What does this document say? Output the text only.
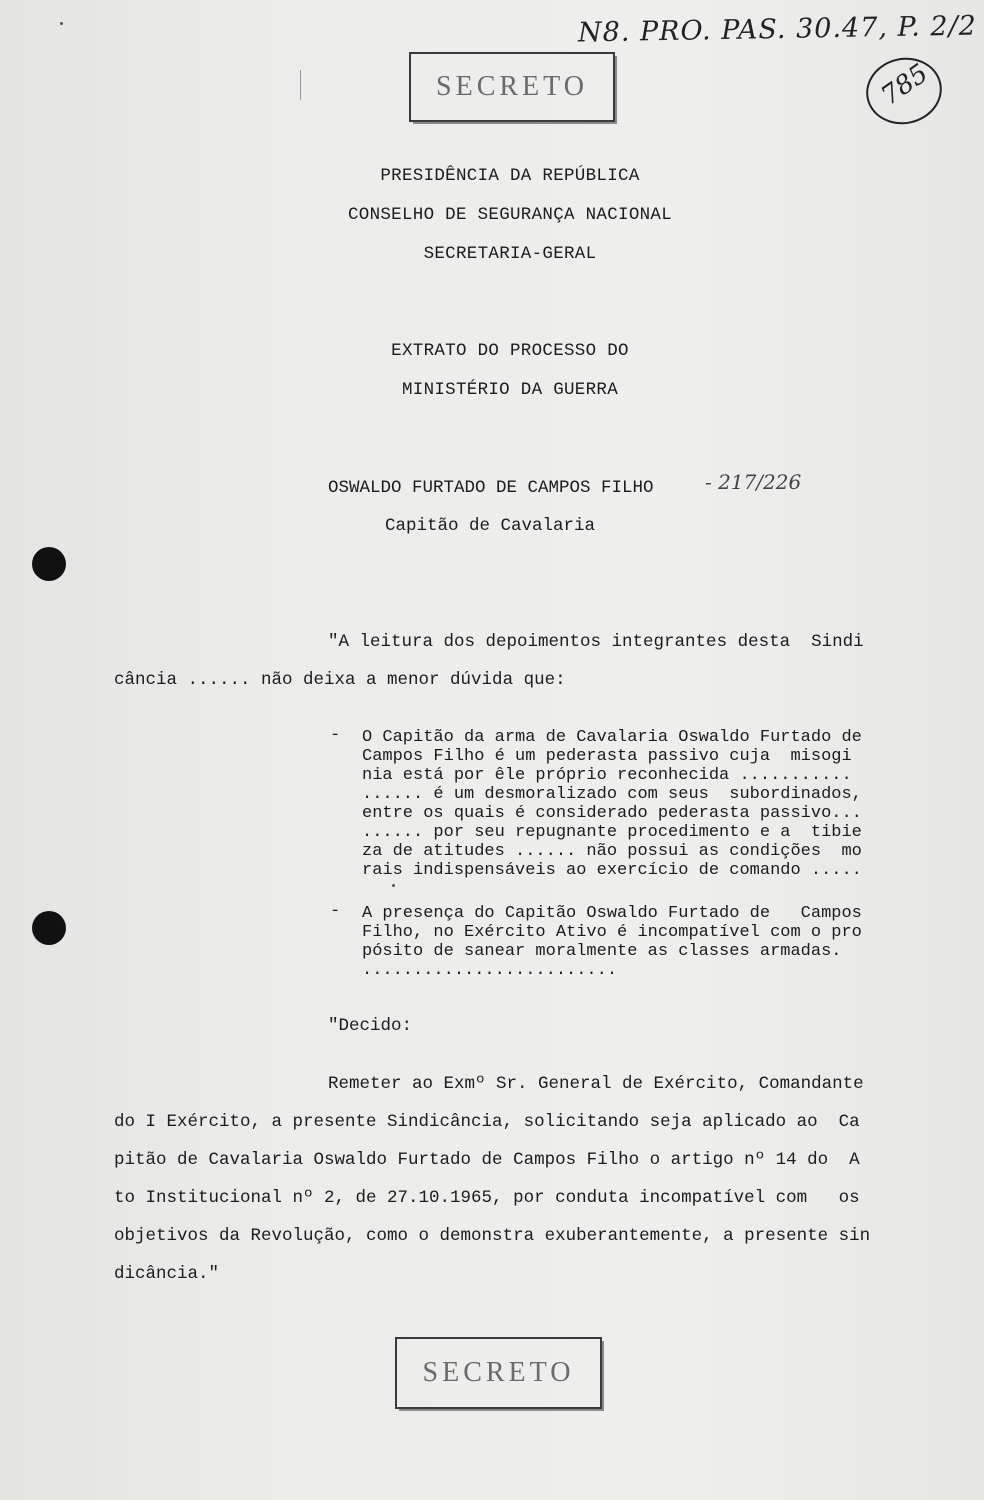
N8. PRO. PAS. 30.47, P. 2/2
785
SECRETO
PRESIDÊNCIA DA REPÚBLICA
CONSELHO DE SEGURANÇA NACIONAL
SECRETARIA-GERAL
EXTRATO DO PROCESSO DO
MINISTÉRIO DA GUERRA
OSWALDO FURTADO DE CAMPOS FILHO	- 217/226
Capitão de Cavalaria
"A leitura dos depoimentos integrantes desta  Sindi
cância ...... não deixa a menor dúvida que:
- O Capitão da arma de Cavalaria Oswaldo Furtado de
Campos Filho é um pederasta passivo cuja  misogi
nia está por êle próprio reconhecida ...........
...... é um desmoralizado com seus  subordinados,
entre os quais é considerado pederasta passivo...
...... por seu repugnante procedimento e a  tibie
za de atitudes ...... não possui as condições  mo
rais indispensáveis ao exercício de comando .....
- A presença do Capitão Oswaldo Furtado de   Campos
Filho, no Exército Ativo é incompatível com o pro
pósito de sanear moralmente as classes armadas.
.........................
"Decido:
Remeter ao Exmº Sr. General de Exército, Comandante
do I Exército, a presente Sindicância, solicitando seja aplicado ao  Ca
pitão de Cavalaria Oswaldo Furtado de Campos Filho o artigo nº 14 do  A
to Institucional nº 2, de 27.10.1965, por conduta incompatível com   os
objetivos da Revolução, como o demonstra exuberantemente, a presente sin
dicância."
SECRETO
